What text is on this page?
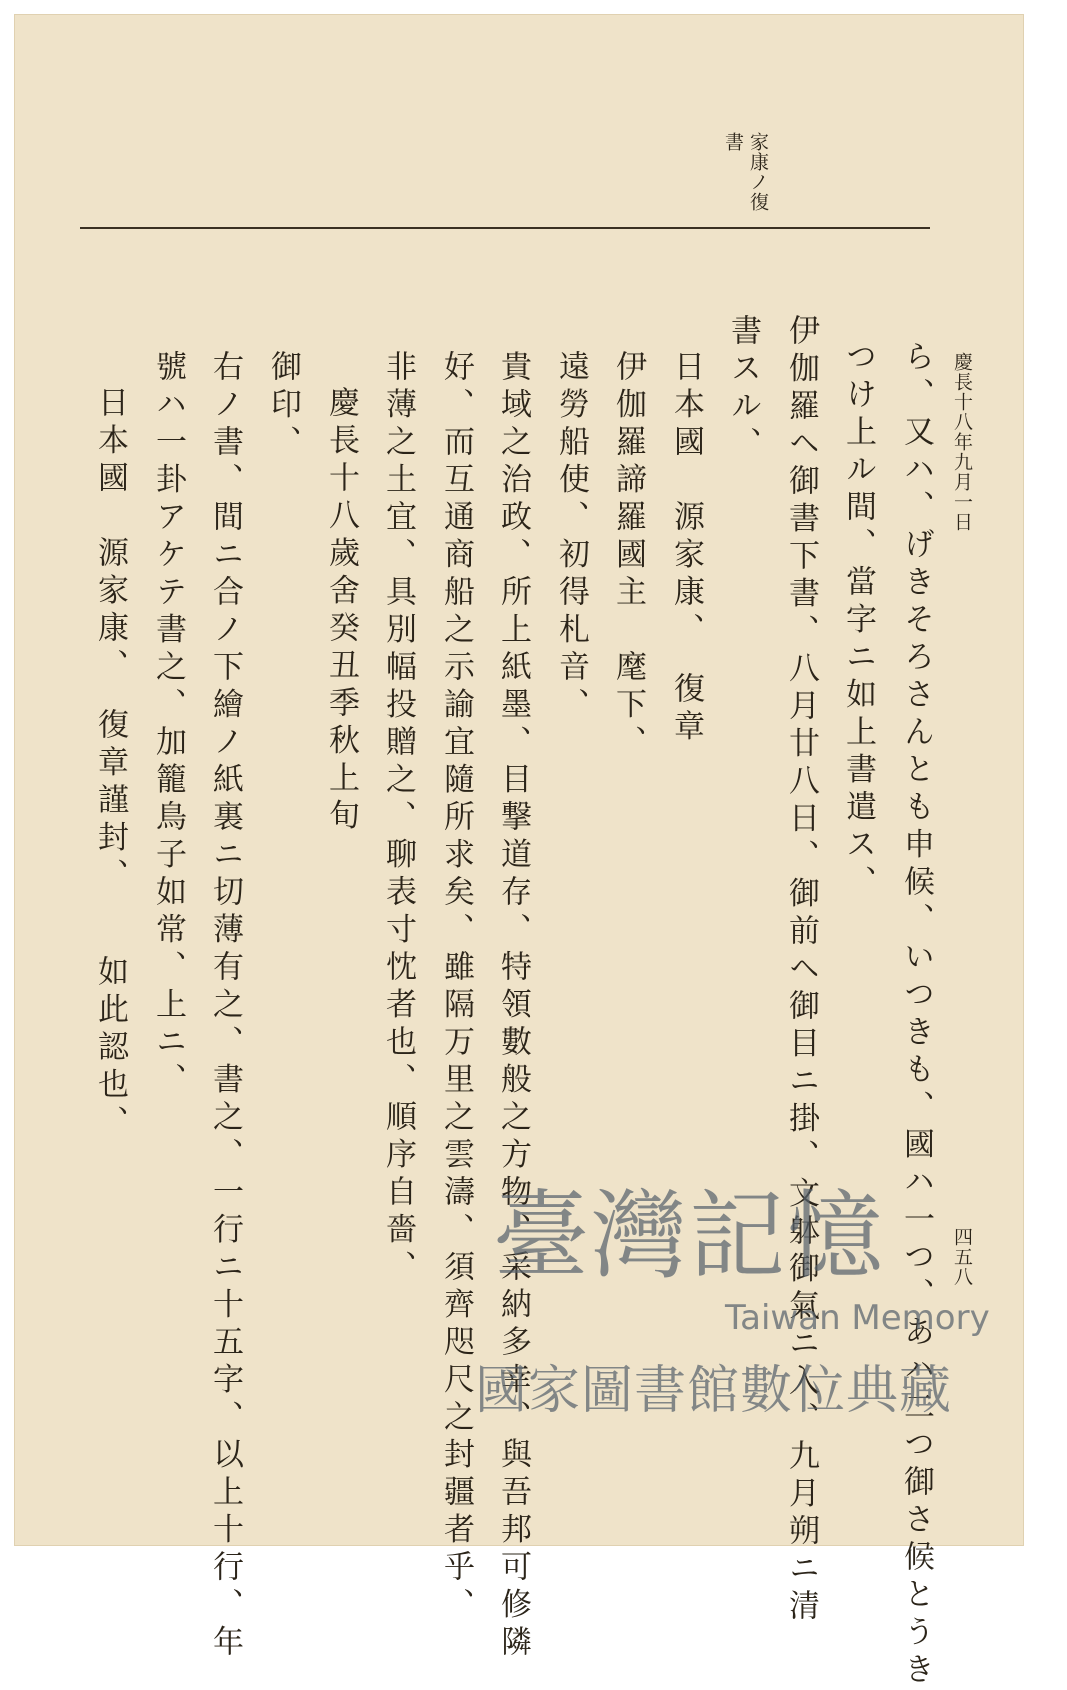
家康ノ復
書
慶長十八年九月一日
四五八
ら、又ハ、げきそろさんとも申候、いつきも、國ハ一つ、あハ二つ御さ候とうき
つけ上ル間、當字ニ如上書遣ス、
伊伽羅ヘ御書下書、八月廿八日、御前ヘ御目ニ掛、文躰御氣ニ入、九月朔ニ清
書スル、
日本國　源家康、　復章
伊伽羅諦羅國主　麾下、
遠勞船使、初得札音、
貴域之治政、所上紙墨、目撃道存、特領數般之方物、采納多幸、與吾邦可修隣
好、而互通商船之示諭宜隨所求矣、雖隔万里之雲濤、須齊咫尺之封疆者乎、
非薄之土宜、具別幅投贈之、聊表寸忱者也、順序自嗇、
慶長十八歲舍癸丑季秋上旬
御印、
右ノ書、間ニ合ノ下繪ノ紙裏ニ切薄有之、書之、一行ニ十五字、以上十行、年
號ハ一卦アケテ書之、加籠鳥子如常、上ニ、
日本國　源家康、　復章謹封、　　如此認也、
臺灣記憶
Taiwan Memory
國家圖書館數位典藏
